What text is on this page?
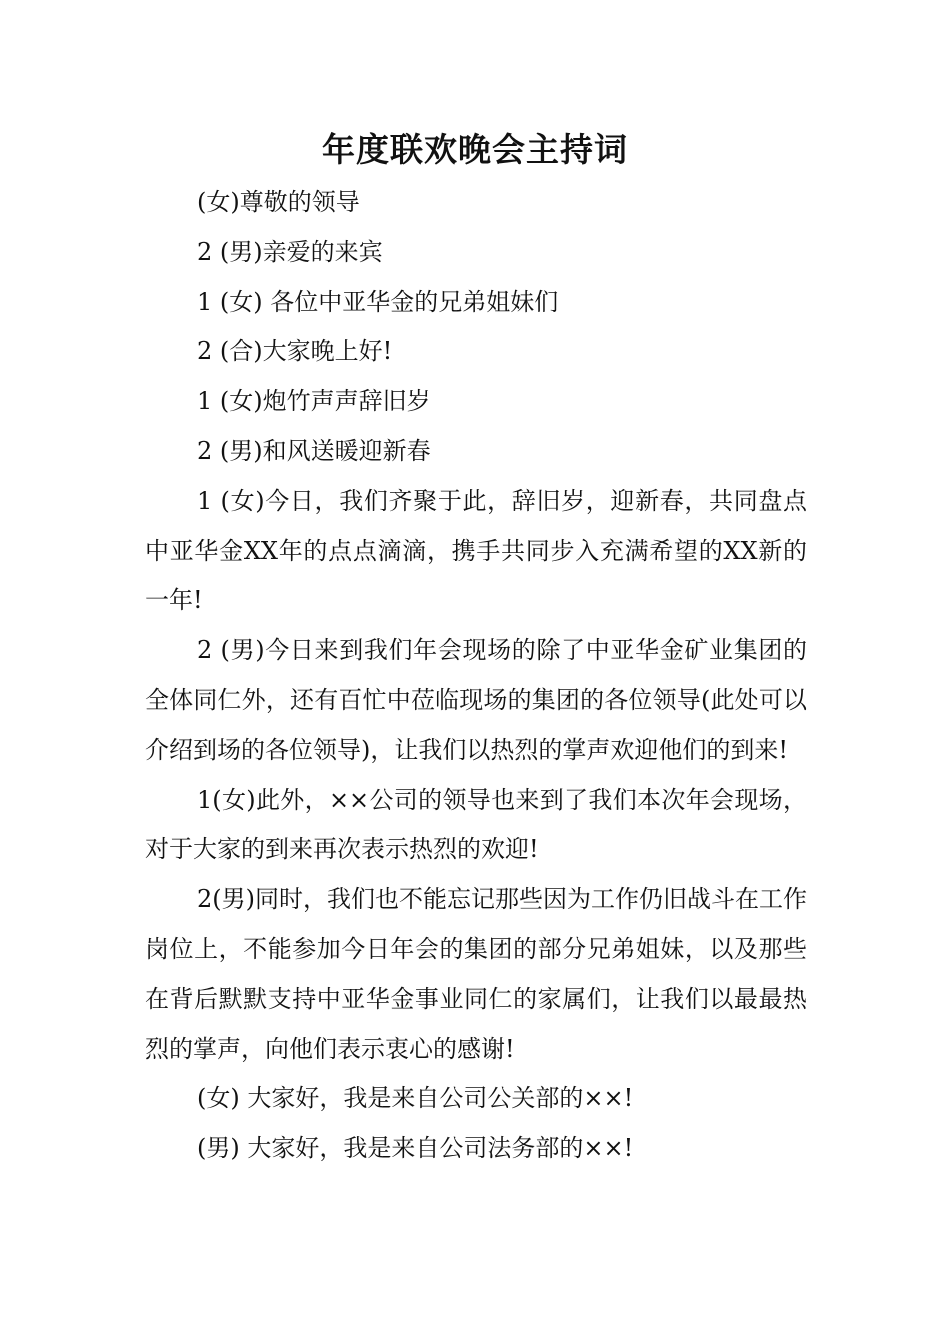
年度联欢晚会主持词

(女)尊敬的领导

2 (男)亲爱的来宾

1 (女) 各位中亚华金的兄弟姐妹们

2 (合)大家晚上好!

1 (女)炮竹声声辞旧岁

2 (男)和风送暖迎新春

1 (女)今日，我们齐聚于此，辞旧岁，迎新春，共同盘点中亚华金XX年的点点滴滴，携手共同步入充满希望的XX新的一年!

2 (男)今日来到我们年会现场的除了中亚华金矿业集团的全体同仁外，还有百忙中莅临现场的集团的各位领导(此处可以介绍到场的各位领导)，让我们以热烈的掌声欢迎他们的到来!

1(女)此外，××公司的领导也来到了我们本次年会现场，对于大家的到来再次表示热烈的欢迎!

2(男)同时，我们也不能忘记那些因为工作仍旧战斗在工作岗位上，不能参加今日年会的集团的部分兄弟姐妹，以及那些在背后默默支持中亚华金事业同仁的家属们，让我们以最最热烈的掌声，向他们表示衷心的感谢!

(女) 大家好，我是来自公司公关部的××!

(男) 大家好，我是来自公司法务部的××!
